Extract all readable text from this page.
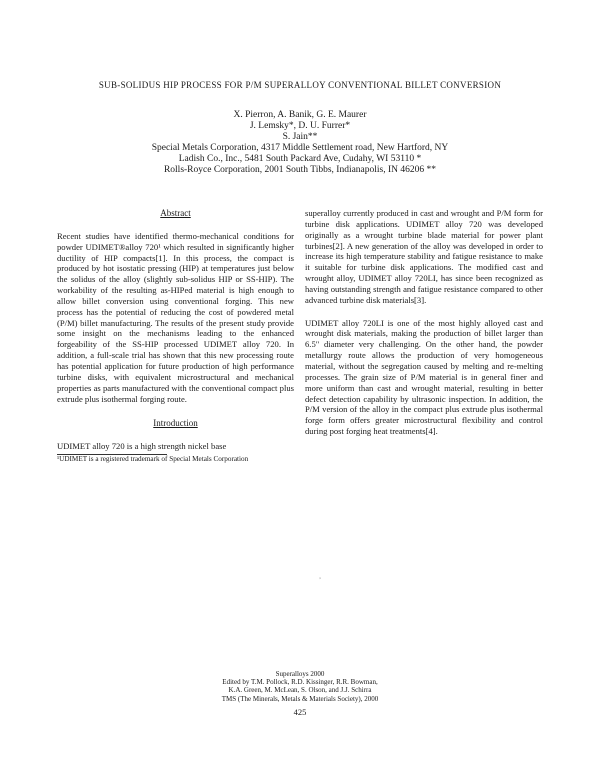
SUB-SOLIDUS HIP PROCESS FOR P/M SUPERALLOY CONVENTIONAL BILLET CONVERSION
X. Pierron, A. Banik, G. E. Maurer
J. Lemsky*, D. U. Furrer*
S. Jain**
Special Metals Corporation, 4317 Middle Settlement road, New Hartford, NY
Ladish Co., Inc., 5481 South Packard Ave, Cudahy, WI 53110 *
Rolls-Royce Corporation, 2001 South Tibbs, Indianapolis, IN 46206 **
Abstract

Recent studies have identified thermo-mechanical conditions for powder UDIMET®alloy 720¹ which resulted in significantly higher ductility of HIP compacts[1]. In this process, the compact is produced by hot isostatic pressing (HIP) at temperatures just below the solidus of the alloy (slightly sub-solidus HIP or SS-HIP). The workability of the resulting as-HIPed material is high enough to allow billet conversion using conventional forging. This new process has the potential of reducing the cost of powdered metal (P/M) billet manufacturing. The results of the present study provide some insight on the mechanisms leading to the enhanced forgeability of the SS-HIP processed UDIMET alloy 720. In addition, a full-scale trial has shown that this new processing route has potential application for future production of high performance turbine disks, with equivalent microstructural and mechanical properties as parts manufactured with the conventional compact plus extrude plus isothermal forging route.

Introduction

UDIMET alloy 720 is a high strength nickel base

¹UDIMET is a registered trademark of Special Metals Corporation

superalloy currently produced in cast and wrought and P/M form for turbine disk applications. UDIMET alloy 720 was developed originally as a wrought turbine blade material for power plant turbines[2]. A new generation of the alloy was developed in order to increase its high temperature stability and fatigue resistance to make it suitable for turbine disk applications. The modified cast and wrought alloy, UDIMET alloy 720LI, has since been recognized as having outstanding strength and fatigue resistance compared to other advanced turbine disk materials[3].

UDIMET alloy 720LI is one of the most highly alloyed cast and wrought disk materials, making the production of billet larger than 6.5" diameter very challenging. On the other hand, the powder metallurgy route allows the production of very homogeneous material, without the segregation caused by melting and re-melting processes. The grain size of P/M material is in general finer and more uniform than cast and wrought material, resulting in better defect detection capability by ultrasonic inspection. In addition, the P/M version of the alloy in the compact plus extrude plus isothermal forge form offers greater microstructural flexibility and control during post forging heat treatments[4].

‚
Superalloys 2000
Edited by T.M. Pollock, R.D. Kissinger, R.R. Bowman,
K.A. Green, M. McLean, S. Olson, and J.J. Schirra
TMS (The Minerals, Metals & Materials Society), 2000
425
